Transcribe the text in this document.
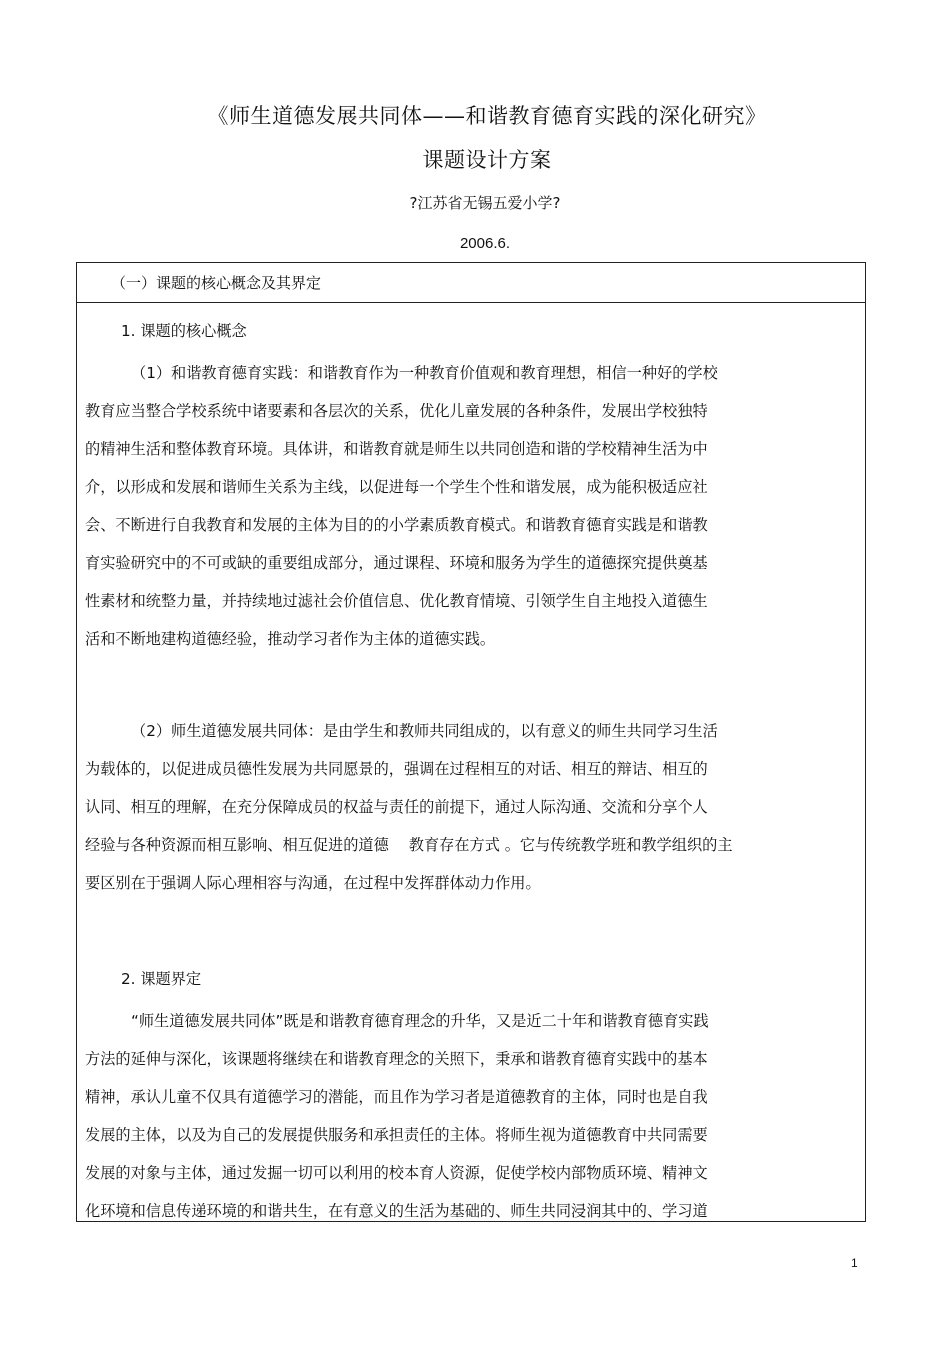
《师生道德发展共同体——和谐教育德育实践的深化研究》
课题设计方案
?江苏省无锡五爱小学?
2006.6.
（一）课题的核心概念及其界定
1. 课题的核心概念
（1）和谐教育德育实践：和谐教育作为一种教育价值观和教育理想，相信一种好的学校
教育应当整合学校系统中诸要素和各层次的关系，优化儿童发展的各种条件，发展出学校独特
的精神生活和整体教育环境。具体讲，和谐教育就是师生以共同创造和谐的学校精神生活为中
介，以形成和发展和谐师生关系为主线，以促进每一个学生个性和谐发展，成为能积极适应社
会、不断进行自我教育和发展的主体为目的的小学素质教育模式。和谐教育德育实践是和谐教
育实验研究中的不可或缺的重要组成部分，通过课程、环境和服务为学生的道德探究提供奠基
性素材和统整力量，并持续地过滤社会价值信息、优化教育情境、引领学生自主地投入道德生
活和不断地建构道德经验，推动学习者作为主体的道德实践。
（2）师生道德发展共同体：是由学生和教师共同组成的，以有意义的师生共同学习生活
为载体的，以促进成员德性发展为共同愿景的，强调在过程相互的对话、相互的辩诘、相互的
认同、相互的理解，在充分保障成员的权益与责任的前提下，通过人际沟通、交流和分享个人
经验与各种资源而相互影响、相互促进的道德　 教育存在方式 。它与传统教学班和教学组织的主
要区别在于强调人际心理相容与沟通，在过程中发挥群体动力作用。
2. 课题界定
“师生道德发展共同体”既是和谐教育德育理念的升华，又是近二十年和谐教育德育实践
方法的延伸与深化，该课题将继续在和谐教育理念的关照下，秉承和谐教育德育实践中的基本
精神，承认儿童不仅具有道德学习的潜能，而且作为学习者是道德教育的主体，同时也是自我
发展的主体，以及为自己的发展提供服务和承担责任的主体。将师生视为道德教育中共同需要
发展的对象与主体，通过发掘一切可以利用的校本育人资源，促使学校内部物质环境、精神文
化环境和信息传递环境的和谐共生，在有意义的生活为基础的、师生共同浸润其中的、学习道
1
